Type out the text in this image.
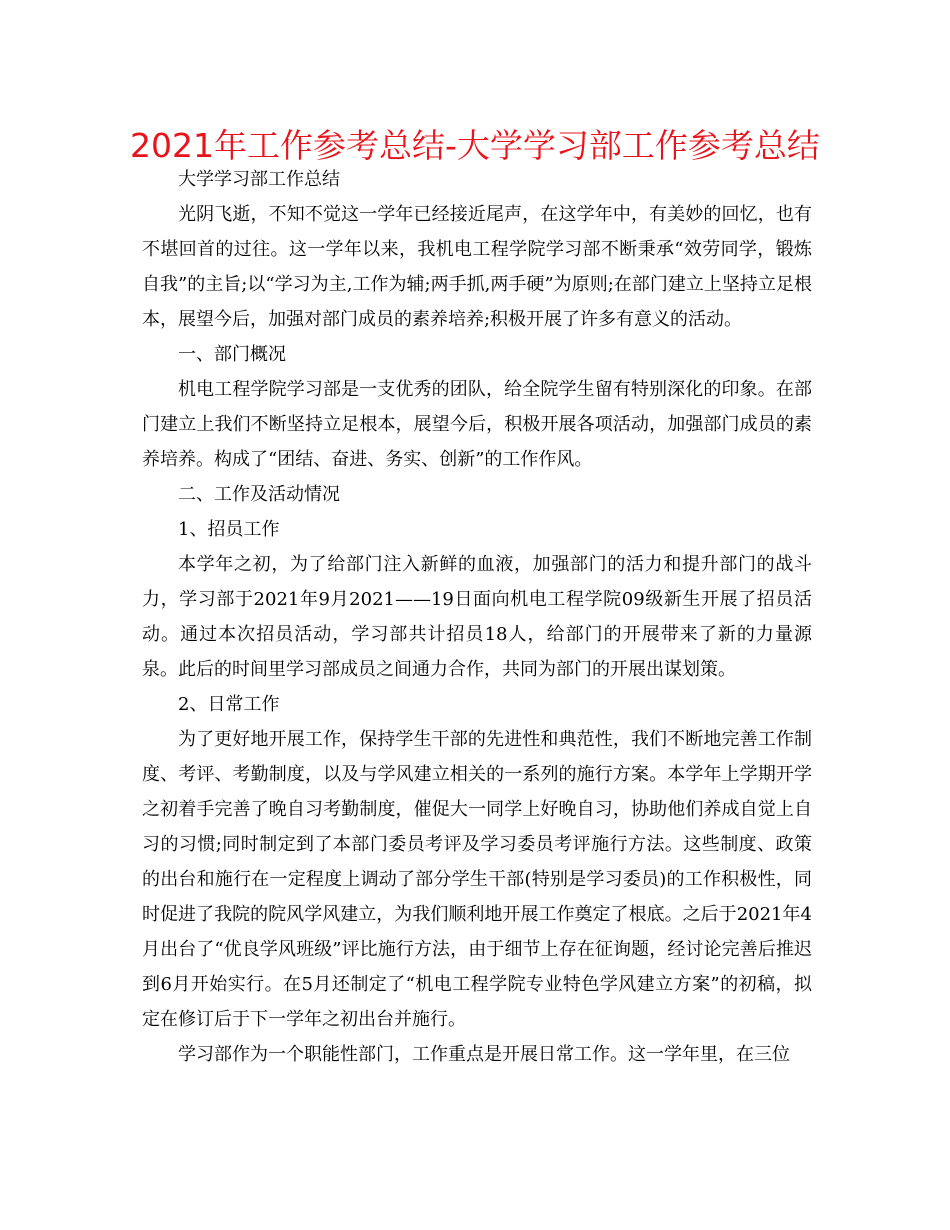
2021年工作参考总结-大学学习部工作参考总结

大学学习部工作总结

光阴飞逝，不知不觉这一学年已经接近尾声，在这学年中，有美妙的回忆，也有不堪回首的过往。这一学年以来，我机电工程学院学习部不断秉承“效劳同学，锻炼自我”的主旨;以“学习为主,工作为辅;两手抓,两手硬”为原则;在部门建立上坚持立足根本，展望今后，加强对部门成员的素养培养;积极开展了许多有意义的活动。

一、部门概况

机电工程学院学习部是一支优秀的团队，给全院学生留有特别深化的印象。在部门建立上我们不断坚持立足根本，展望今后，积极开展各项活动，加强部门成员的素养培养。构成了“团结、奋进、务实、创新”的工作作风。

二、工作及活动情况

1、招员工作

本学年之初，为了给部门注入新鲜的血液，加强部门的活力和提升部门的战斗力，学习部于2021年9月2021——19日面向机电工程学院09级新生开展了招员活动。通过本次招员活动，学习部共计招员18人，给部门的开展带来了新的力量源泉。此后的时间里学习部成员之间通力合作，共同为部门的开展出谋划策。

2、日常工作

为了更好地开展工作，保持学生干部的先进性和典范性，我们不断地完善工作制度、考评、考勤制度，以及与学风建立相关的一系列的施行方案。本学年上学期开学之初着手完善了晚自习考勤制度，催促大一同学上好晚自习，协助他们养成自觉上自习的习惯;同时制定到了本部门委员考评及学习委员考评施行方法。这些制度、政策的出台和施行在一定程度上调动了部分学生干部(特别是学习委员)的工作积极性，同时促进了我院的院风学风建立，为我们顺利地开展工作奠定了根底。之后于2021年4月出台了“优良学风班级”评比施行方法，由于细节上存在征询题，经讨论完善后推迟到6月开始实行。在5月还制定了“机电工程学院专业特色学风建立方案”的初稿，拟定在修订后于下一学年之初出台并施行。

学习部作为一个职能性部门，工作重点是开展日常工作。这一学年里，在三位
